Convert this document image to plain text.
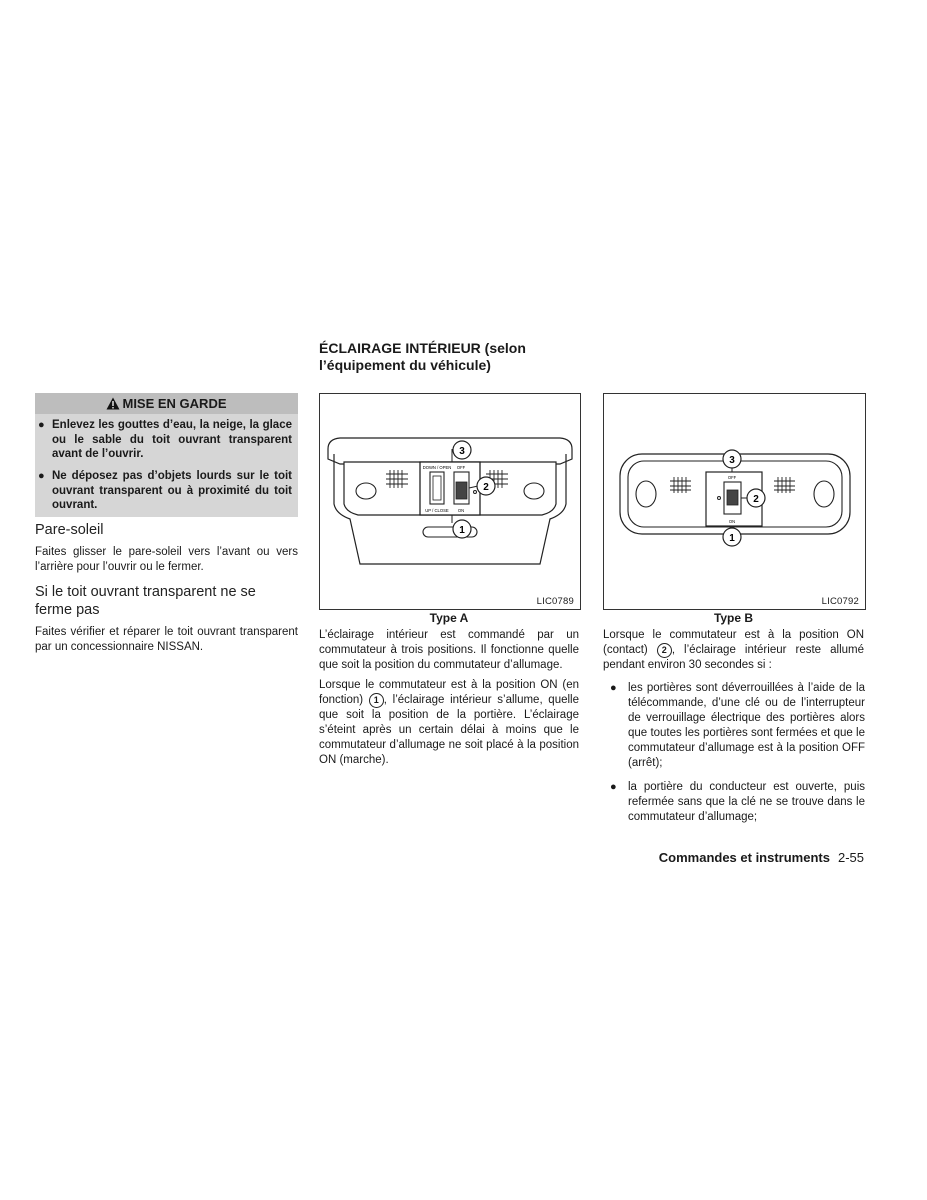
MISE EN GARDE
● Enlevez les gouttes d’eau, la neige, la glace ou le sable du toit ouvrant transparent avant de l’ouvrir.
● Ne déposez pas d’objets lourds sur le toit ouvrant transparent ou à proximité du toit ouvrant.
Pare-soleil

Faites glisser le pare-soleil vers l’avant ou vers l’arrière pour l’ouvrir ou le fermer.

Si le toit ouvrant transparent ne se ferme pas

Faites vérifier et réparer le toit ouvrant transparent par un concessionnaire NISSAN.

ÉCLAIRAGE INTÉRIEUR (selon l’équipement du véhicule)
DOWN / OPEN
UP / CLOSE
OFF
ON
3
2
1
LIC0789
Type A

L’éclairage intérieur est commandé par un commutateur à trois positions. Il fonctionne quelle que soit la position du commutateur d’allumage.

Lorsque le commutateur est à la position ON (en fonction) 1 , l’éclairage intérieur s’allume, quelle que soit la position de la portière. L’éclairage s’éteint après un certain délai à moins que le commutateur d’allumage ne soit placé à la position ON (marche).

OFF
ON
3
2
1
LIC0792
Type B

Lorsque le commutateur est à la position ON (contact) 2 , l’éclairage intérieur reste allumé pendant environ 30 secondes si :

● les portières sont déverrouillées à l’aide de la télécommande, d’une clé ou de l’interrupteur de verrouillage électrique des portières alors que toutes les portières sont fermées et que le commutateur d’allumage est à la position OFF (arrêt);
● la portière du conducteur est ouverte, puis refermée sans que la clé ne se trouve dans le commutateur d’allumage;
Commandes et instruments 2-55
